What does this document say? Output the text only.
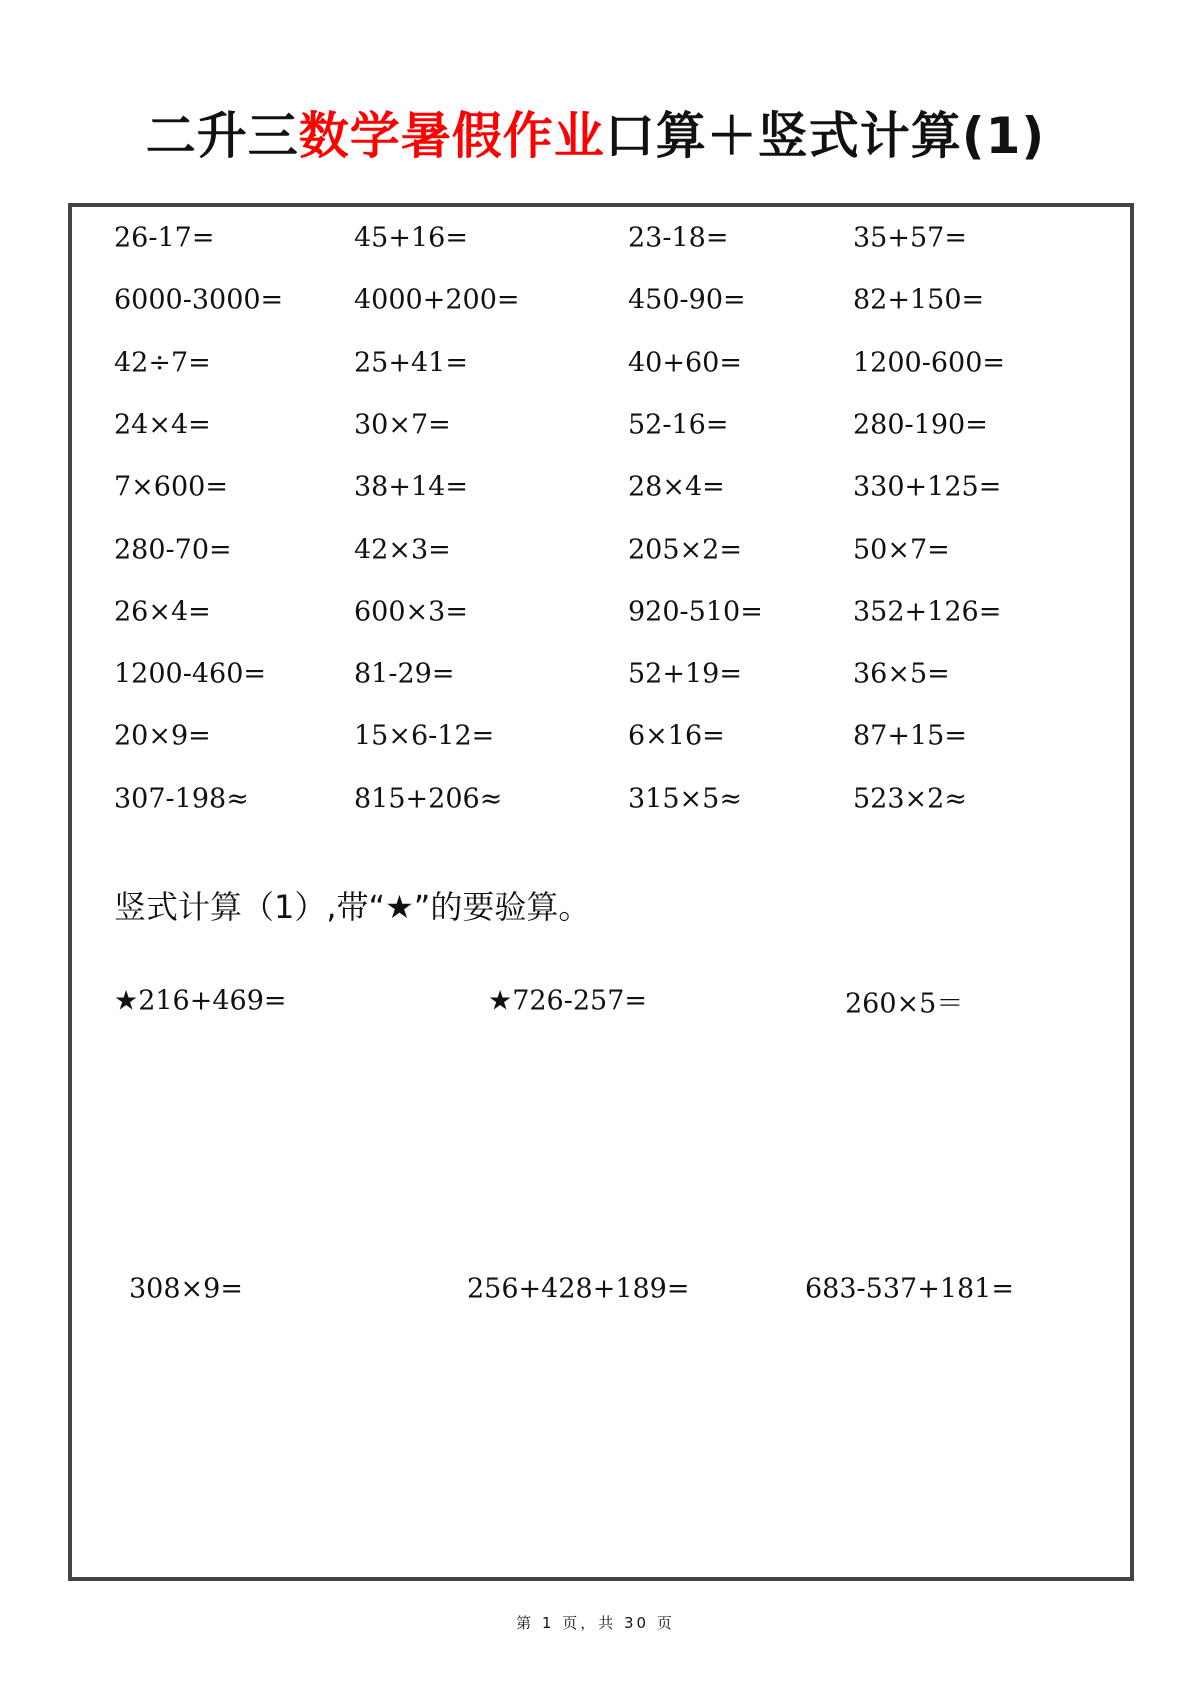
二升三数学暑假作业口算＋竖式计算(1)
竖式计算（1）,带“★”的要验算。
第 1 页，共 30 页
26-17=	45+16=	23-18=	35+57=
6000-3000=	4000+200=	450-90=	82+150=
42÷7=	25+41=	40+60=	1200-600=
24×4=	30×7=	52-16=	280-190=
7×600=	38+14=	28×4=	330+125=
280-70=	42×3=	205×2=	50×7=
26×4=	600×3=	920-510=	352+126=
1200-460=	81-29=	52+19=	36×5=
20×9=	15×6-12=	6×16=	87+15=
307-198≈	815+206≈	315×5≈	523×2≈
★216+469=	★726-257=	260×5＝
308×9=	256+428+189=	683-537+181=
